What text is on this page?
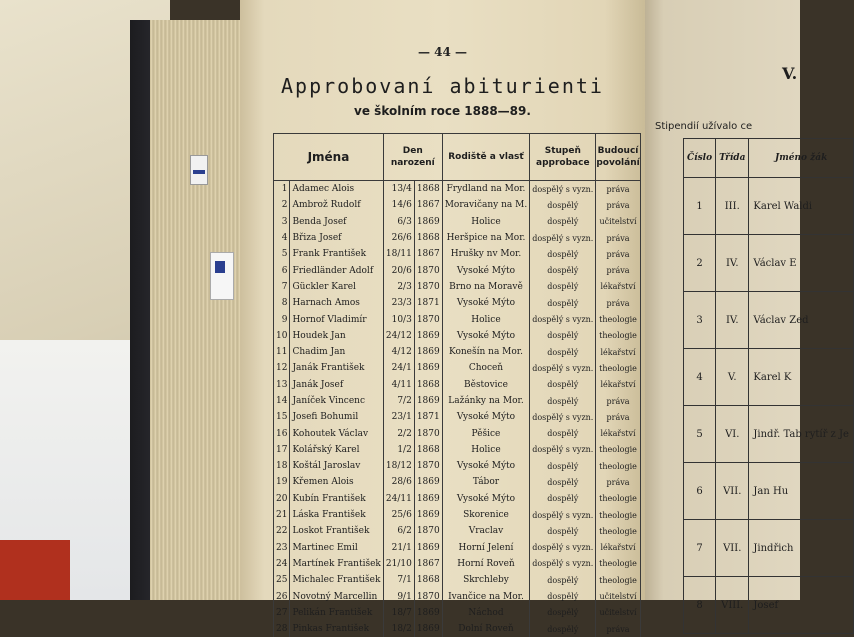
— 44 —
Approbovaní abiturienti
ve školním roce 1888—89.
Jména		Den narození		Rodiště a vlasť	Stupeň approbace	Budoucí povolání
1	Adamec Alois	13/4	1868	Frydland na Mor.	dospělý s vyzn.	práva
2	Ambrož Rudolf	14/6	1867	Moravičany na M.	dospělý	práva
3	Benda Josef	6/3	1869	Holice	dospělý	učitelství
4	Břiza Josef	26/6	1868	Heršpice na Mor.	dospělý s vyzn.	práva
5	Frank František	18/11	1867	Hrušky nv Mor.	dospělý	práva
6	Friedländer Adolf	20/6	1870	Vysoké Mýto	dospělý	práva
7	Gückler Karel	2/3	1870	Brno na Moravě	dospělý	lékařství
8	Harnach Amos	23/3	1871	Vysoké Mýto	dospělý	práva
9	Hornof Vladimír	10/3	1870	Holice	dospělý s vyzn.	theologie
10	Houdek Jan	24/12	1869	Vysoké Mýto	dospělý	theologie
11	Chadim Jan	4/12	1869	Konešín na Mor.	dospělý	lékařství
12	Janák František	24/1	1869	Choceň	dospělý s vyzn.	theologie
13	Janák Josef	4/11	1868	Běstovice	dospělý	lékařství
14	Janíček Vincenc	7/2	1869	Lažánky na Mor.	dospělý	práva
15	Josefi Bohumil	23/1	1871	Vysoké Mýto	dospělý s vyzn.	práva
16	Kohoutek Václav	2/2	1870	Pěšice	dospělý	lékařství
17	Kolářský Karel	1/2	1868	Holice	dospělý s vyzn.	theologie
18	Koštál Jaroslav	18/12	1870	Vysoké Mýto	dospělý	theologie
19	Křemen Alois	28/6	1869	Tábor	dospělý	práva
20	Kubín František	24/11	1869	Vysoké Mýto	dospělý	theologie
21	Láska František	25/6	1869	Skorenice	dospělý s vyzn.	theologie
22	Loskot František	6/2	1870	Vraclav	dospělý	theologie
23	Martinec Emil	21/1	1869	Horní Jelení	dospělý s vyzn.	lékařství
24	Martínek František	21/10	1867	Horní Roveň	dospělý s vyzn.	theologie
25	Michalec František	7/1	1868	Skrchleby	dospělý	theologie
26	Novotný Marcellin	9/1	1870	Ivančice na Mor.	dospělý	učitelství
27	Pelikán František	18/7	1869	Náchod	dospělý	učitelství
28	Pinkas František	18/2	1869	Dolní Roveň	dospělý	práva
V.
Stipendií užívalo ce
Číslo	Třída	Jméno žák
1	III.	Karel Waldi
2	IV.	Václav E
3	IV.	Václav Zed
4	V.	Karel K
5	VI.	Jindř. Tab rytíř z Je
6	VII.	Jan Hu
7	VII.	Jindřich
8	VIII.	Josef
